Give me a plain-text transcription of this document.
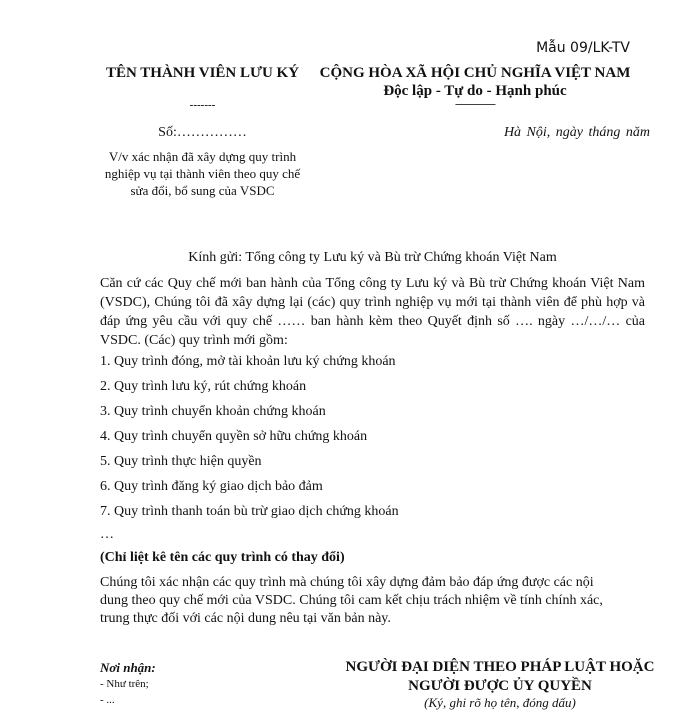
Mẫu 09/LK-TV
TÊN THÀNH VIÊN LƯU KÝ
-------
CỘNG HÒA XÃ HỘI CHỦ NGHĨA VIỆT NAM
Độc lập - Tự do - Hạnh phúc
---------------
Số:……………
V/v xác nhận đã xây dựng quy trình nghiệp vụ tại thành viên theo quy chế sửa đổi, bổ sung của VSDC
Hà Nội, ngày tháng năm
Kính gửi: Tổng công ty Lưu ký và Bù trừ Chứng khoán Việt Nam
Căn cứ các Quy chế mới ban hành của Tổng công ty Lưu ký và Bù trừ Chứng khoán Việt Nam (VSDC), Chúng tôi đã xây dựng lại (các) quy trình nghiệp vụ mới tại thành viên để phù hợp và đáp ứng yêu cầu với quy chế …… ban hành kèm theo Quyết định số …. ngày …/…/… của VSDC. (Các) quy trình mới gồm:
1. Quy trình đóng, mở tài khoản lưu ký chứng khoán
2. Quy trình lưu ký, rút chứng khoán
3. Quy trình chuyển khoản chứng khoán
4. Quy trình chuyển quyền sở hữu chứng khoán
5. Quy trình thực hiện quyền
6. Quy trình đăng ký giao dịch bảo đảm
7. Quy trình thanh toán bù trừ giao dịch chứng khoán
…
(Chỉ liệt kê tên các quy trình có thay đổi)
Chúng tôi xác nhận các quy trình mà chúng tôi xây dựng đảm bảo đáp ứng được các nội dung theo quy chế mới của VSDC. Chúng tôi cam kết chịu trách nhiệm về tính chính xác, trung thực đối với các nội dung nêu tại văn bản này.
Nơi nhận:
- Như trên;
- ...
NGƯỜI ĐẠI DIỆN THEO PHÁP LUẬT HOẶC NGƯỜI ĐƯỢC ỦY QUYỀN
(Ký, ghi rõ họ tên, đóng dấu)
